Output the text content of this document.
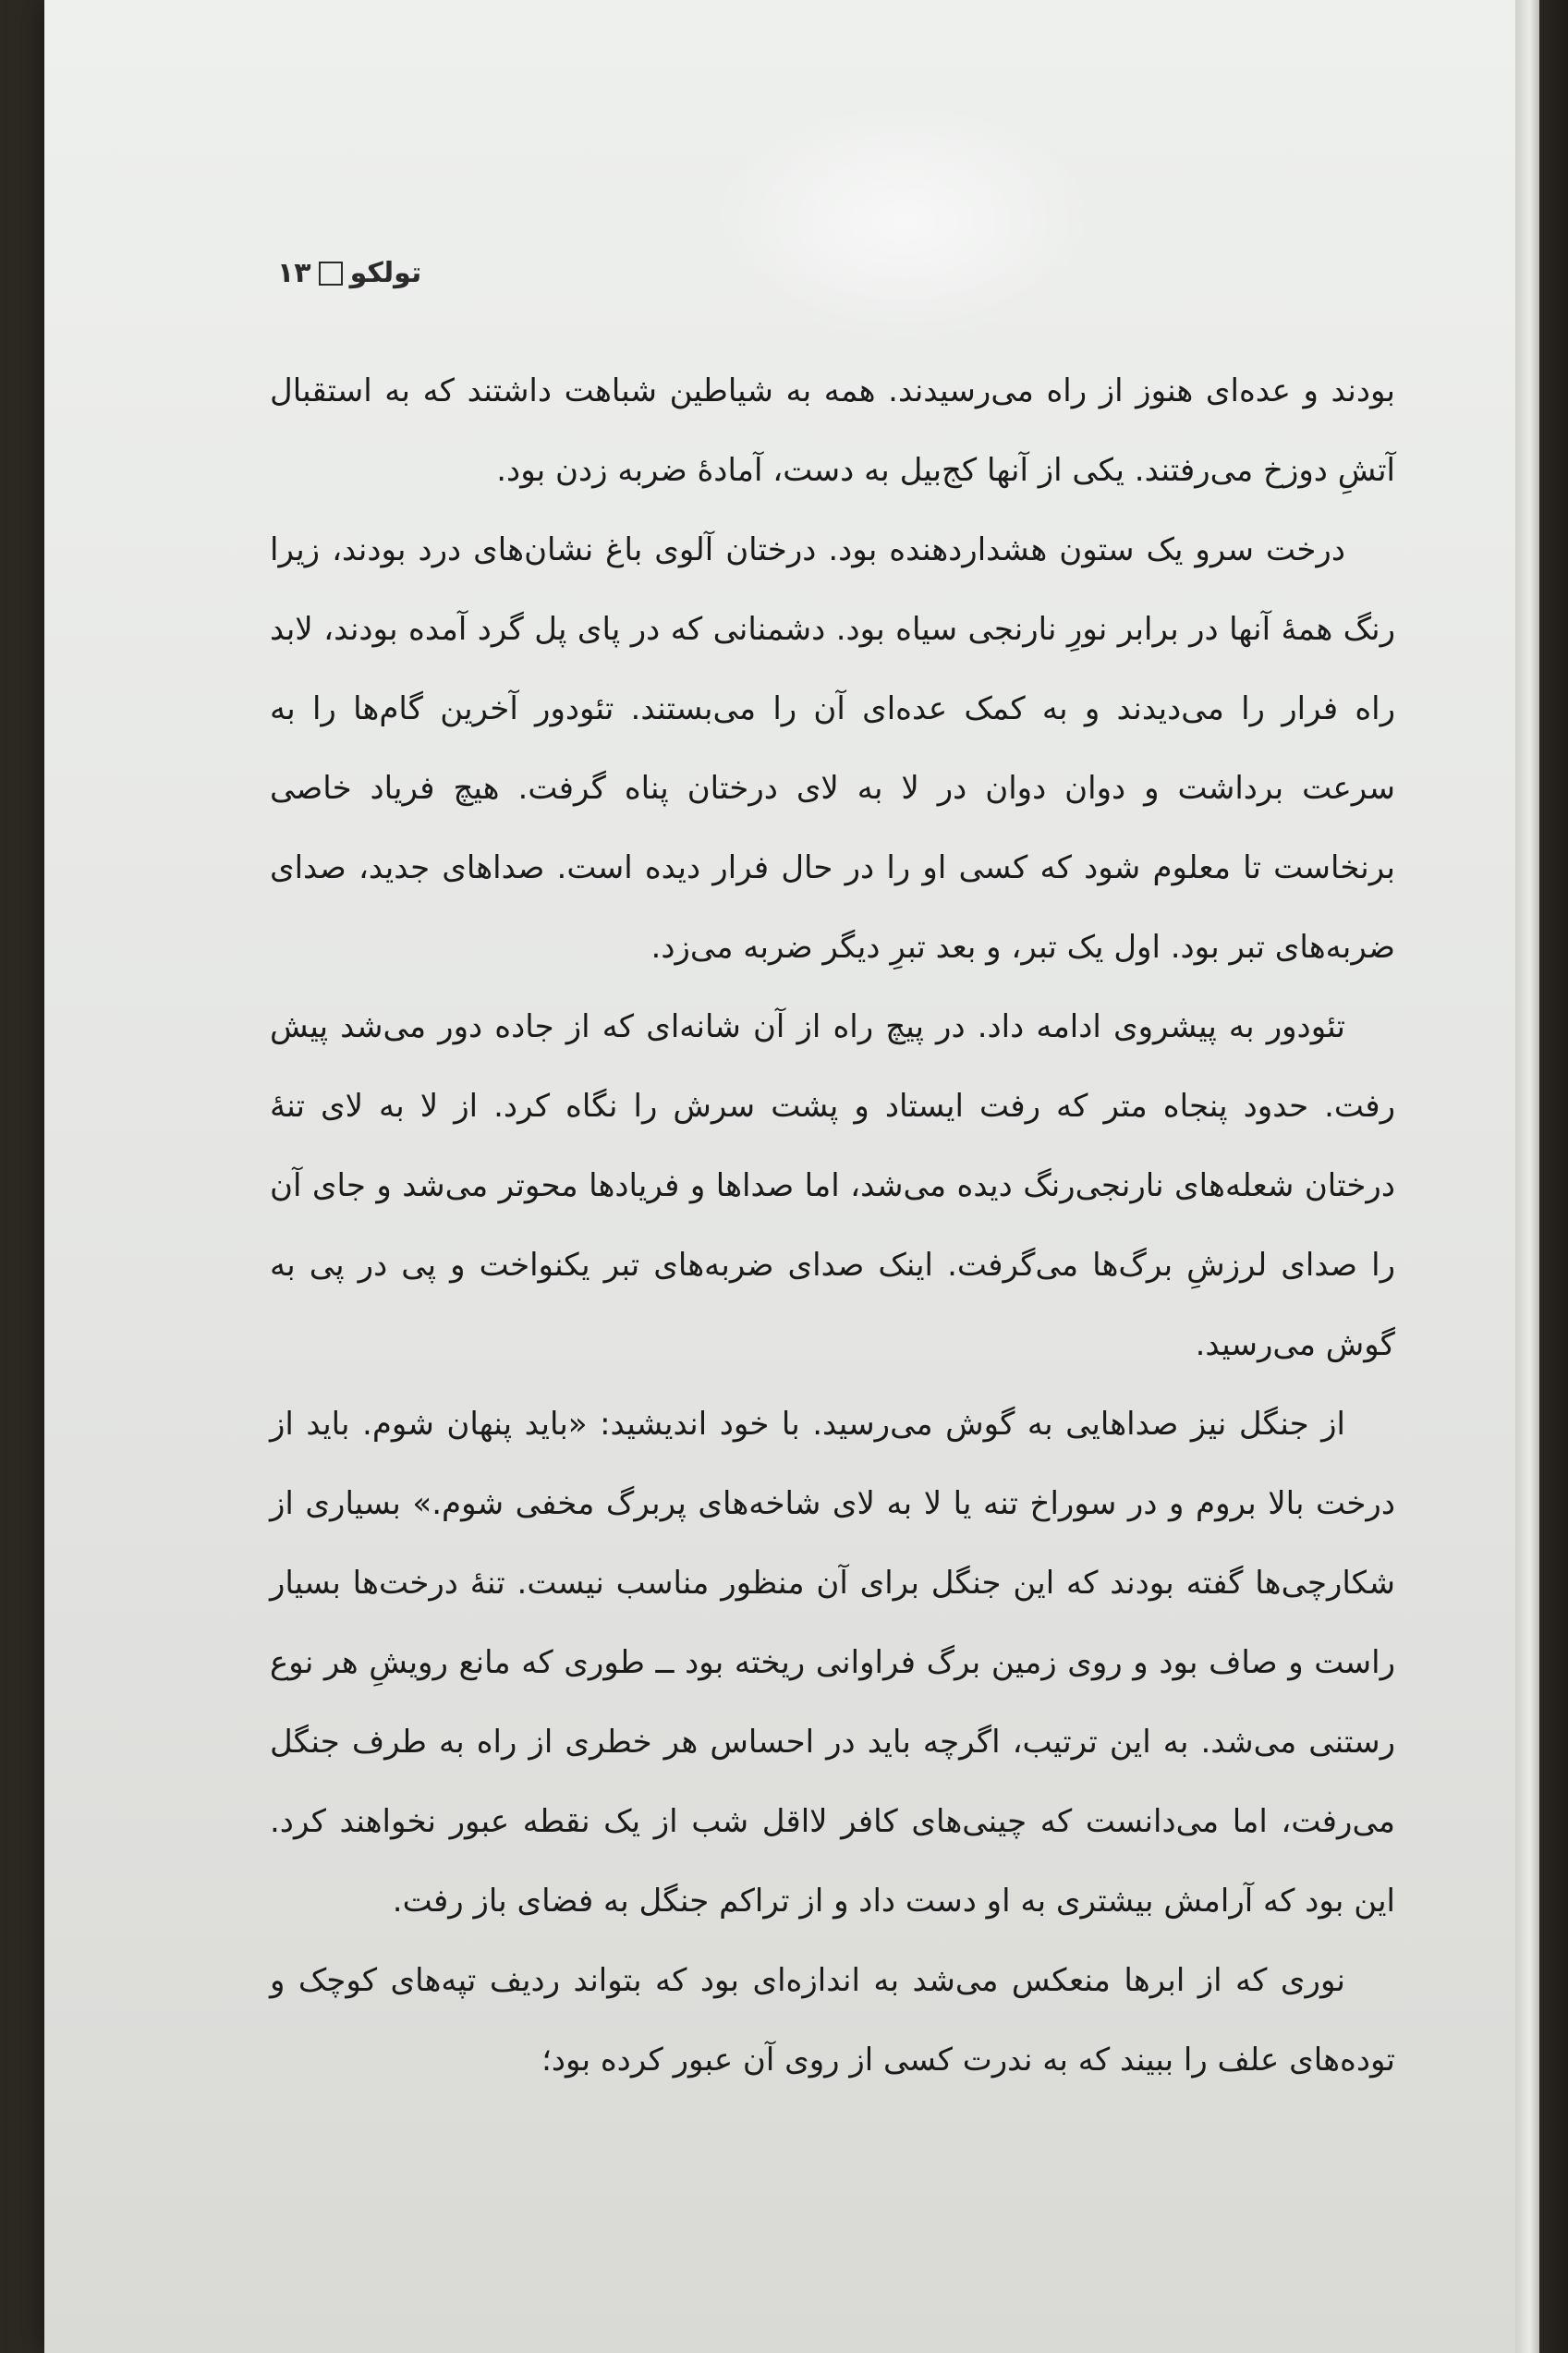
تولکو
۱۳

بودند و عده‌ای هنوز از راه می‌رسیدند. همه به شیاطین شباهت داشتند که به استقبال آتشِ دوزخ می‌رفتند. یکی از آنها کج‌بیل به دست، آمادهٔ ضربه زدن بود.

درخت سرو یک ستون هشداردهنده بود. درختان آلوی باغ نشان‌های درد بودند، زیرا رنگ همهٔ آنها در برابر نورِ نارنجی سیاه بود. دشمنانی که در پای پل گرد آمده بودند، لابد راه فرار را می‌دیدند و به کمک عده‌ای آن را می‌بستند. تئودور آخرین گام‌ها را به سرعت برداشت و دوان دوان در لا به لای درختان پناه گرفت. هیچ فریاد خاصی برنخاست تا معلوم شود که کسی او را در حال فرار دیده است. صداهای جدید، صدای ضربه‌های تبر بود. اول یک تبر، و بعد تبرِ دیگر ضربه می‌زد.

تئودور به پیشروی ادامه داد. در پیچ راه از آن شانه‌ای که از جاده دور می‌شد پیش رفت. حدود پنجاه متر که رفت ایستاد و پشت سرش را نگاه کرد. از لا به لای تنهٔ درختان شعله‌های نارنجی‌رنگ دیده می‌شد، اما صداها و فریادها محوتر می‌شد و جای آن را صدای لرزشِ برگ‌ها می‌گرفت. اینک صدای ضربه‌های تبر یکنواخت و پی در پی به گوش می‌رسید.

از جنگل نیز صداهایی به گوش می‌رسید. با خود اندیشید: «باید پنهان شوم. باید از درخت بالا بروم و در سوراخ تنه یا لا به لای شاخه‌های پربرگ مخفی شوم.» بسیاری از شکارچی‌ها گفته بودند که این جنگل برای آن منظور مناسب نیست. تنهٔ درخت‌ها بسیار راست و صاف بود و روی زمین برگ فراوانی ریخته بود ــ طوری که مانع رویشِ هر نوع رستنی می‌شد. به این ترتیب، اگرچه باید در احساس هر خطری از راه به طرف جنگل می‌رفت، اما می‌دانست که چینی‌های کافر لااقل شب از یک نقطه عبور نخواهند کرد. این بود که آرامش بیشتری به او دست داد و از تراکم جنگل به فضای باز رفت.

نوری که از ابرها منعکس می‌شد به اندازه‌ای بود که بتواند ردیف تپه‌های کوچک و توده‌های علف را ببیند که به ندرت کسی از روی آن عبور کرده بود؛
